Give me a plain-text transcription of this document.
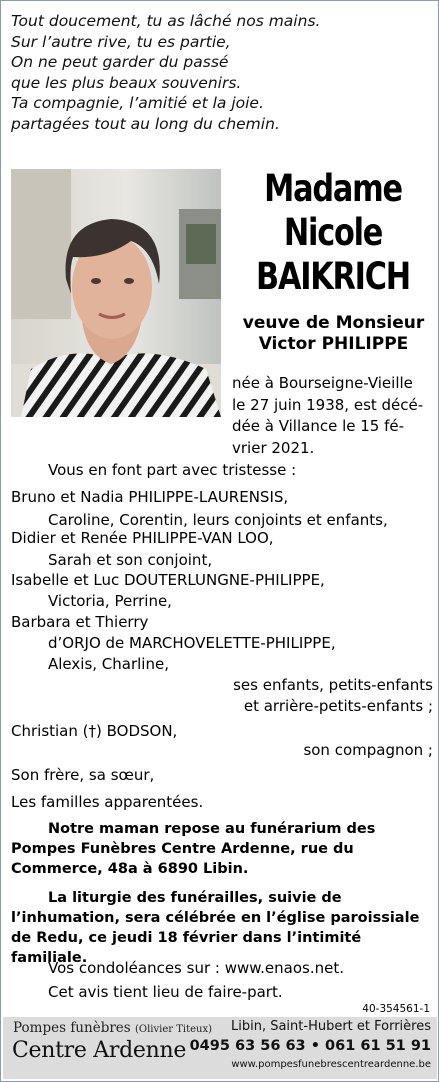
Tout doucement, tu as lâché nos mains.
Sur l’autre rive, tu es partie,
On ne peut garder du passé
que les plus beaux souvenirs.
Ta compagnie, l’amitié et la joie.
partagées tout au long du chemin.
Madame
Nicole
BAIKRICH
veuve de Monsieur
Victor PHILIPPE
née à Bourseigne-Vieille
le 27 juin 1938, est décé-
dée à Villance le 15 fé-
vrier 2021.
Vous en font part avec tristesse :
Bruno et Nadia PHILIPPE-LAURENSIS,
Caroline, Corentin, leurs conjoints et enfants,
Didier et Renée PHILIPPE-VAN LOO,
Sarah et son conjoint,
Isabelle et Luc DOUTERLUNGNE-PHILIPPE,
Victoria, Perrine,
Barbara et Thierry
d’ORJO de MARCHOVELETTE-PHILIPPE,
Alexis, Charline,
ses enfants, petits-enfants
et arrière-petits-enfants ;
Christian (†) BODSON,
son compagnon ;
Son frère, sa sœur,
Les familles apparentées.
Notre maman repose au funérarium des Pompes Funèbres Centre Ardenne, rue du Commerce, 48a à 6890 Libin.
La liturgie des funérailles, suivie de l’inhumation, sera célébrée en l’église paroissiale de Redu, ce jeudi 18 février dans l’intimité familiale.
Vos condoléances sur : www.enaos.net.
Cet avis tient lieu de faire-part.
40-354561-1
Pompes funèbres (Olivier Titeux)
Centre Ardenne
Libin, Saint-Hubert et Forrières
0495 63 56 63 • 061 61 51 91
www.pompesfunebrescentreardenne.be
